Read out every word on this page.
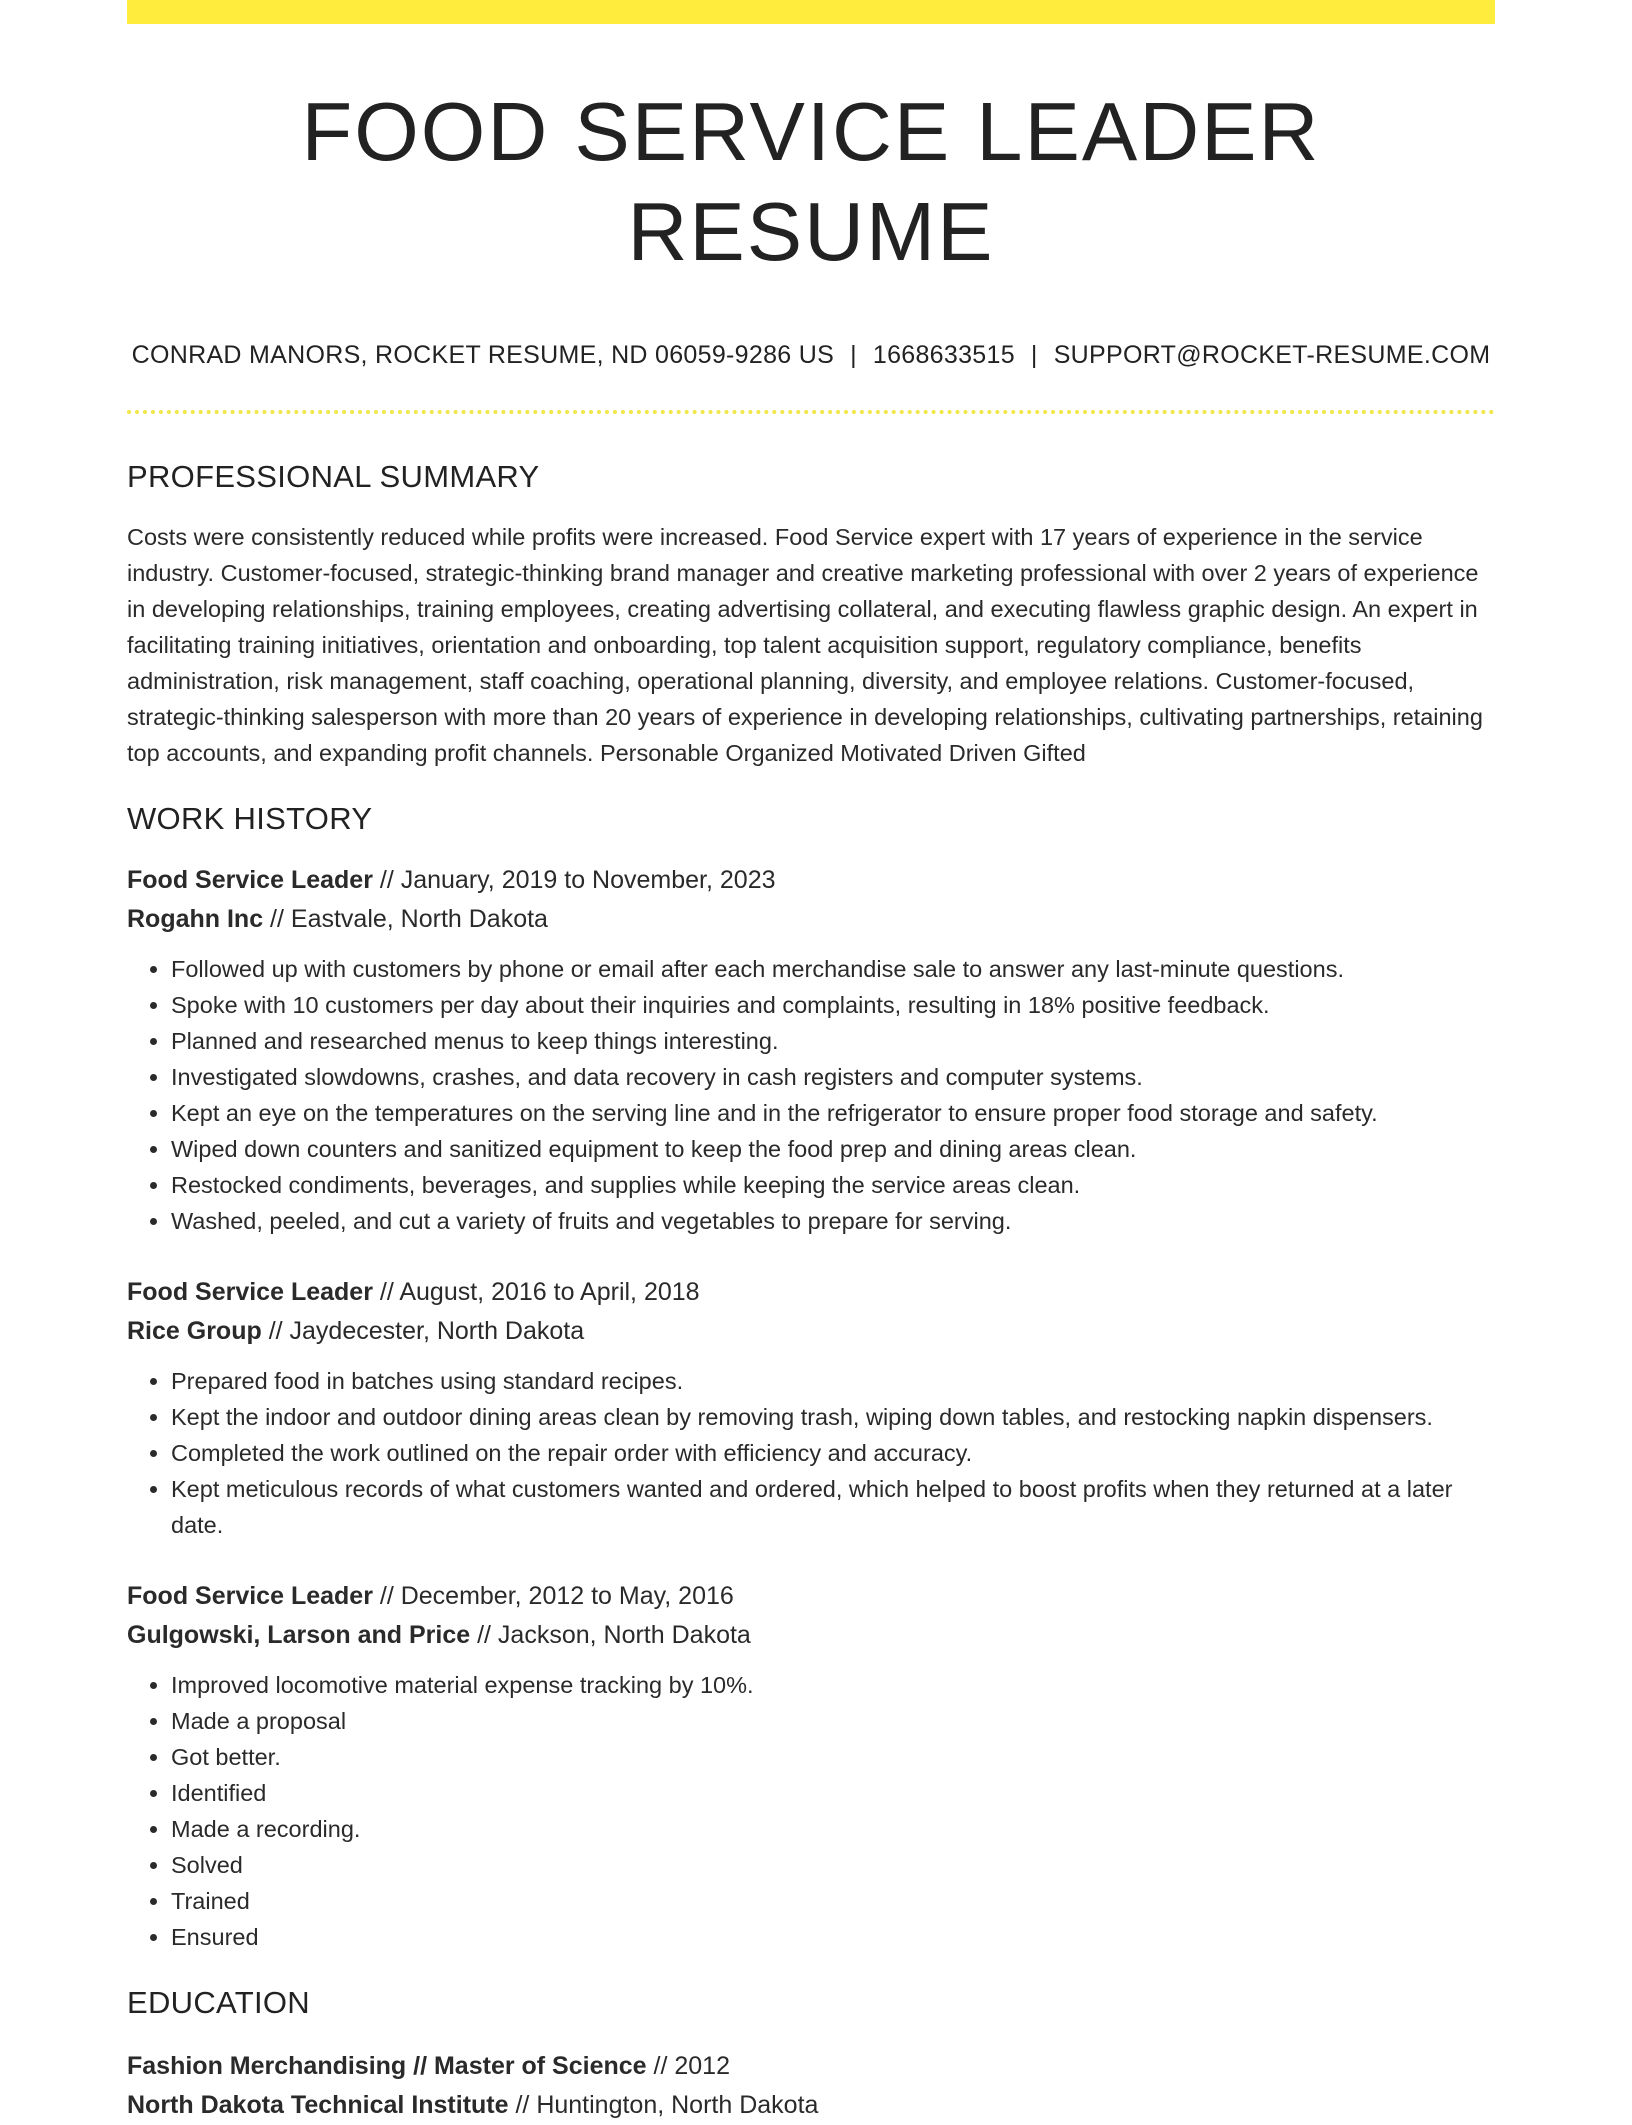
FOOD SERVICE LEADER RESUME
CONRAD MANORS, ROCKET RESUME, ND 06059-9286 US | 1668633515 | SUPPORT@ROCKET-RESUME.COM
PROFESSIONAL SUMMARY

Costs were consistently reduced while profits were increased. Food Service expert with 17 years of experience in the service industry. Customer-focused, strategic-thinking brand manager and creative marketing professional with over 2 years of experience in developing relationships, training employees, creating advertising collateral, and executing flawless graphic design. An expert in facilitating training initiatives, orientation and onboarding, top talent acquisition support, regulatory compliance, benefits administration, risk management, staff coaching, operational planning, diversity, and employee relations. Customer-focused, strategic-thinking salesperson with more than 20 years of experience in developing relationships, cultivating partnerships, retaining top accounts, and expanding profit channels. Personable Organized Motivated Driven Gifted

WORK HISTORY
Food Service Leader // January, 2019 to November, 2023
Rogahn Inc // Eastvale, North Dakota
• Followed up with customers by phone or email after each merchandise sale to answer any last-minute questions.
• Spoke with 10 customers per day about their inquiries and complaints, resulting in 18% positive feedback.
• Planned and researched menus to keep things interesting.
• Investigated slowdowns, crashes, and data recovery in cash registers and computer systems.
• Kept an eye on the temperatures on the serving line and in the refrigerator to ensure proper food storage and safety.
• Wiped down counters and sanitized equipment to keep the food prep and dining areas clean.
• Restocked condiments, beverages, and supplies while keeping the service areas clean.
• Washed, peeled, and cut a variety of fruits and vegetables to prepare for serving.
Food Service Leader // August, 2016 to April, 2018
Rice Group // Jaydecester, North Dakota
• Prepared food in batches using standard recipes.
• Kept the indoor and outdoor dining areas clean by removing trash, wiping down tables, and restocking napkin dispensers.
• Completed the work outlined on the repair order with efficiency and accuracy.
• Kept meticulous records of what customers wanted and ordered, which helped to boost profits when they returned at a later date.
Food Service Leader // December, 2012 to May, 2016
Gulgowski, Larson and Price // Jackson, North Dakota
• Improved locomotive material expense tracking by 10%.
• Made a proposal
• Got better.
• Identified
• Made a recording.
• Solved
• Trained
• Ensured
EDUCATION
Fashion Merchandising // Master of Science // 2012
North Dakota Technical Institute // Huntington, North Dakota
